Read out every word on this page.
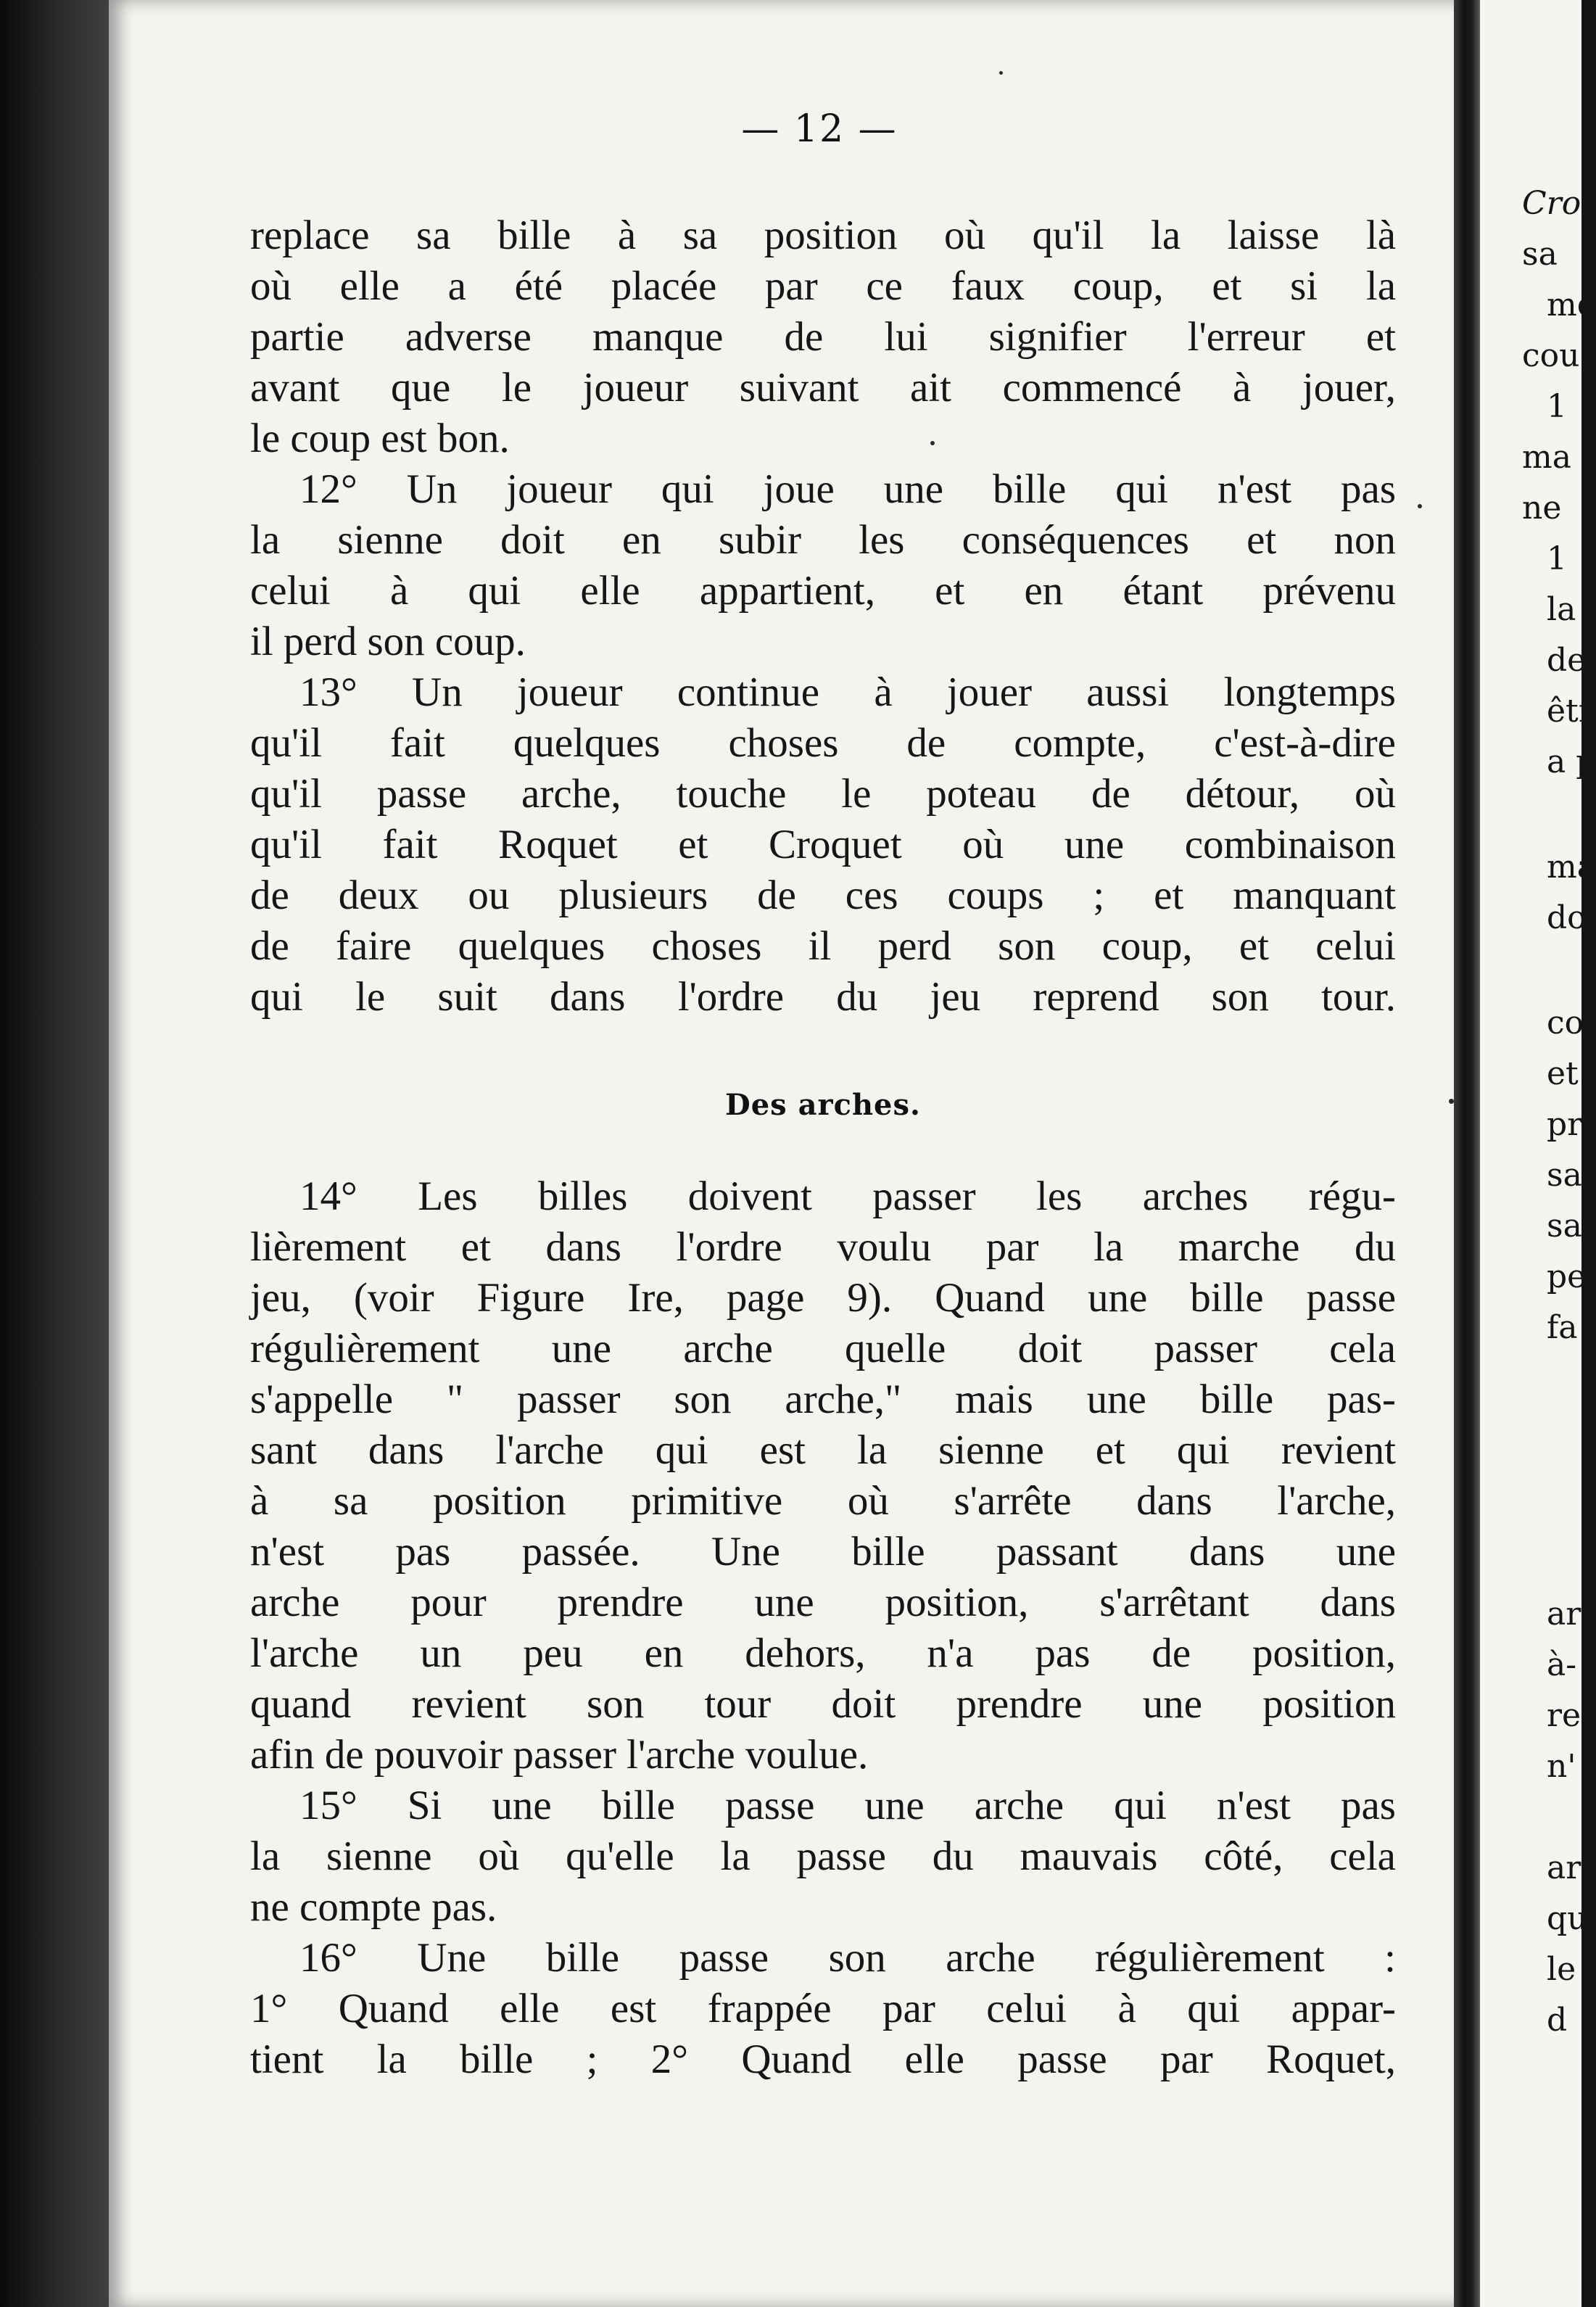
— 12 —
replace sa bille à sa position où qu'il la laisse là
où elle a été placée par ce faux coup, et si la
partie adverse manque de lui signifier l'erreur et
avant que le joueur suivant ait commencé à jouer,
le coup est bon.
12° Un joueur qui joue une bille qui n'est pas
la sienne doit en subir les conséquences et non
celui à qui elle appartient, et en étant prévenu
il perd son coup.
13° Un joueur continue à jouer aussi longtemps
qu'il fait quelques choses de compte, c'est-à-dire
qu'il passe arche, touche le poteau de détour, où
qu'il fait Roquet et Croquet où une combinaison
de deux ou plusieurs de ces coups ; et manquant
de faire quelques choses il perd son coup, et celui
qui le suit dans l'ordre du jeu reprend son tour.
Des arches.
14° Les billes doivent passer les arches régu-
lièrement et dans l'ordre voulu par la marche du
jeu, (voir Figure Ire, page 9). Quand une bille passe
régulièrement une arche quelle doit passer cela
s'appelle " passer son arche," mais une bille pas-
sant dans l'arche qui est la sienne et qui revient
à sa position primitive où s'arrête dans l'arche,
n'est pas passée. Une bille passant dans une
arche pour prendre une position, s'arrêtant dans
l'arche un peu en dehors, n'a pas de position,
quand revient son tour doit prendre une position
afin de pouvoir passer l'arche voulue.
15° Si une bille passe une arche qui n'est pas
la sienne où qu'elle la passe du mauvais côté, cela
ne compte pas.
16° Une bille passe son arche régulièrement :
1° Quand elle est frappée par celui à qui appar-
tient la bille ; 2° Quand elle passe par Roquet,
Cro
sa
mê
cou
1
ma
ne
1
la
de
êtr
a p
ma
do
co
et
pr
sa
sa
pe
fa
ar
à-
re
n'
ar
qu
le
d
